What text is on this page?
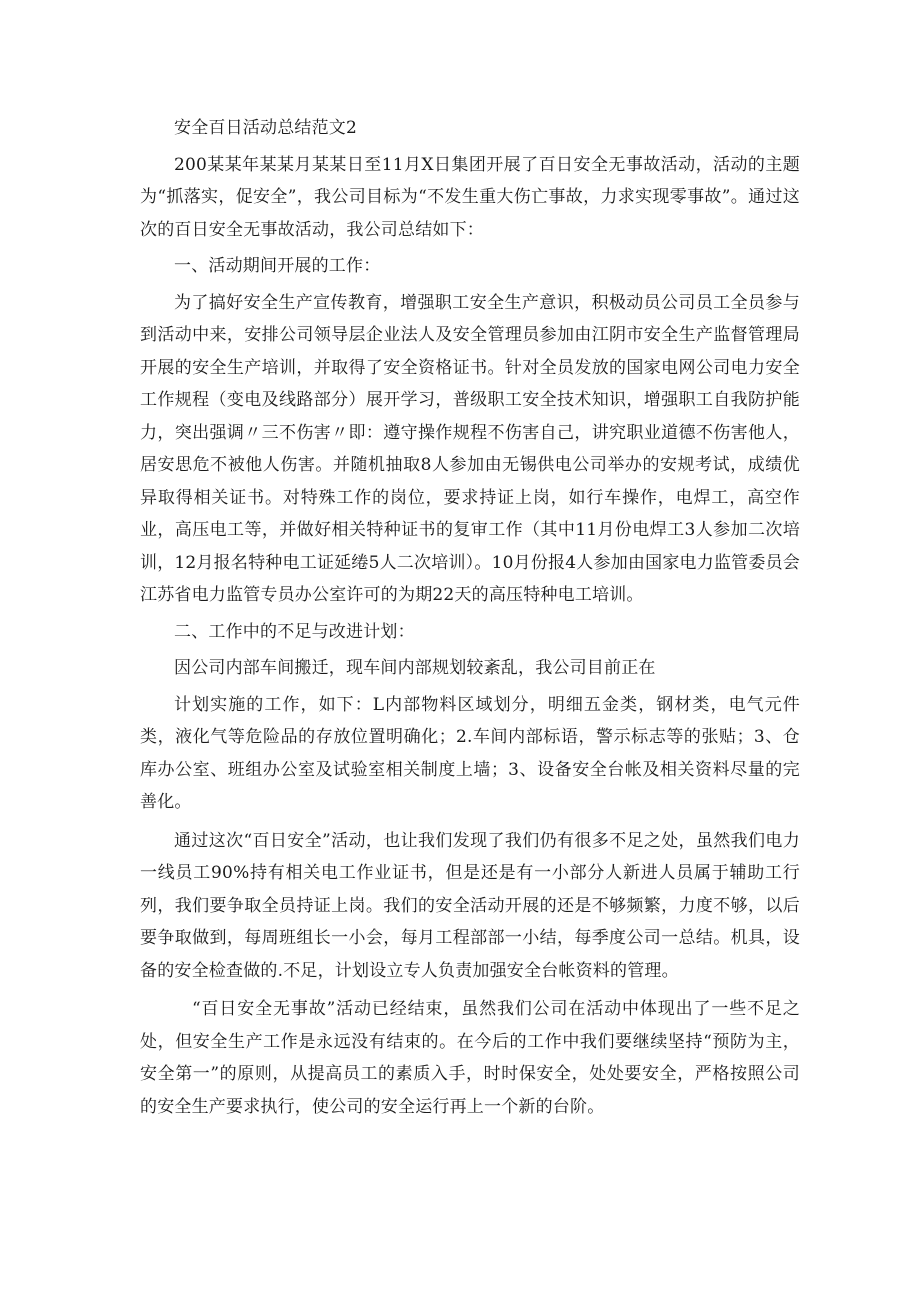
安全百日活动总结范文2

200某某年某某月某某日至11月X日集团开展了百日安全无事故活动，活动的主题为“抓落实，促安全”，我公司目标为“不发生重大伤亡事故，力求实现零事故”。通过这次的百日安全无事故活动，我公司总结如下：

一、活动期间开展的工作：

为了搞好安全生产宣传教育，增强职工安全生产意识，积极动员公司员工全员参与到活动中来，安排公司领导层企业法人及安全管理员参加由江阴市安全生产监督管理局开展的安全生产培训，并取得了安全资格证书。针对全员发放的国家电网公司电力安全工作规程（变电及线路部分）展开学习，普级职工安全技术知识，增强职工自我防护能力，突出强调〃三不伤害〃即：遵守操作规程不伤害自己，讲究职业道德不伤害他人，居安思危不被他人伤害。并随机抽取8人参加由无锡供电公司举办的安规考试，成绩优异取得相关证书。对特殊工作的岗位，要求持证上岗，如行车操作，电焊工，高空作业，高压电工等，并做好相关特种证书的复审工作（其中11月份电焊工3人参加二次培训，12月报名特种电工证延绻5人二次培训）。10月份报4人参加由国家电力监管委员会江苏省电力监管专员办公室许可的为期22天的高压特种电工培训。

二、工作中的不足与改进计划：

因公司内部车间搬迁，现车间内部规划较紊乱，我公司目前正在

计划实施的工作，如下：L内部物料区域划分，明细五金类，钢材类，电气元件类，液化气等危险品的存放位置明确化；2.车间内部标语，警示标志等的张贴；3、仓库办公室、班组办公室及试验室相关制度上墙；3、设备安全台帐及相关资料尽量的完善化。

通过这次“百日安全”活动，也让我们发现了我们仍有很多不足之处，虽然我们电力一线员工90%持有相关电工作业证书，但是还是有一小部分人新进人员属于辅助工行列，我们要争取全员持证上岗。我们的安全活动开展的还是不够频繁，力度不够，以后要争取做到，每周班组长一小会，每月工程部部一小结，每季度公司一总结。机具，设备的安全检查做的.不足，计划设立专人负责加强安全台帐资料的管理。

“百日安全无事故”活动已经结束，虽然我们公司在活动中体现出了一些不足之处，但安全生产工作是永远没有结束的。在今后的工作中我们要继续坚持“预防为主，安全第一”的原则，从提高员工的素质入手，时时保安全，处处要安全，严格按照公司的安全生产要求执行，使公司的安全运行再上一个新的台阶。
